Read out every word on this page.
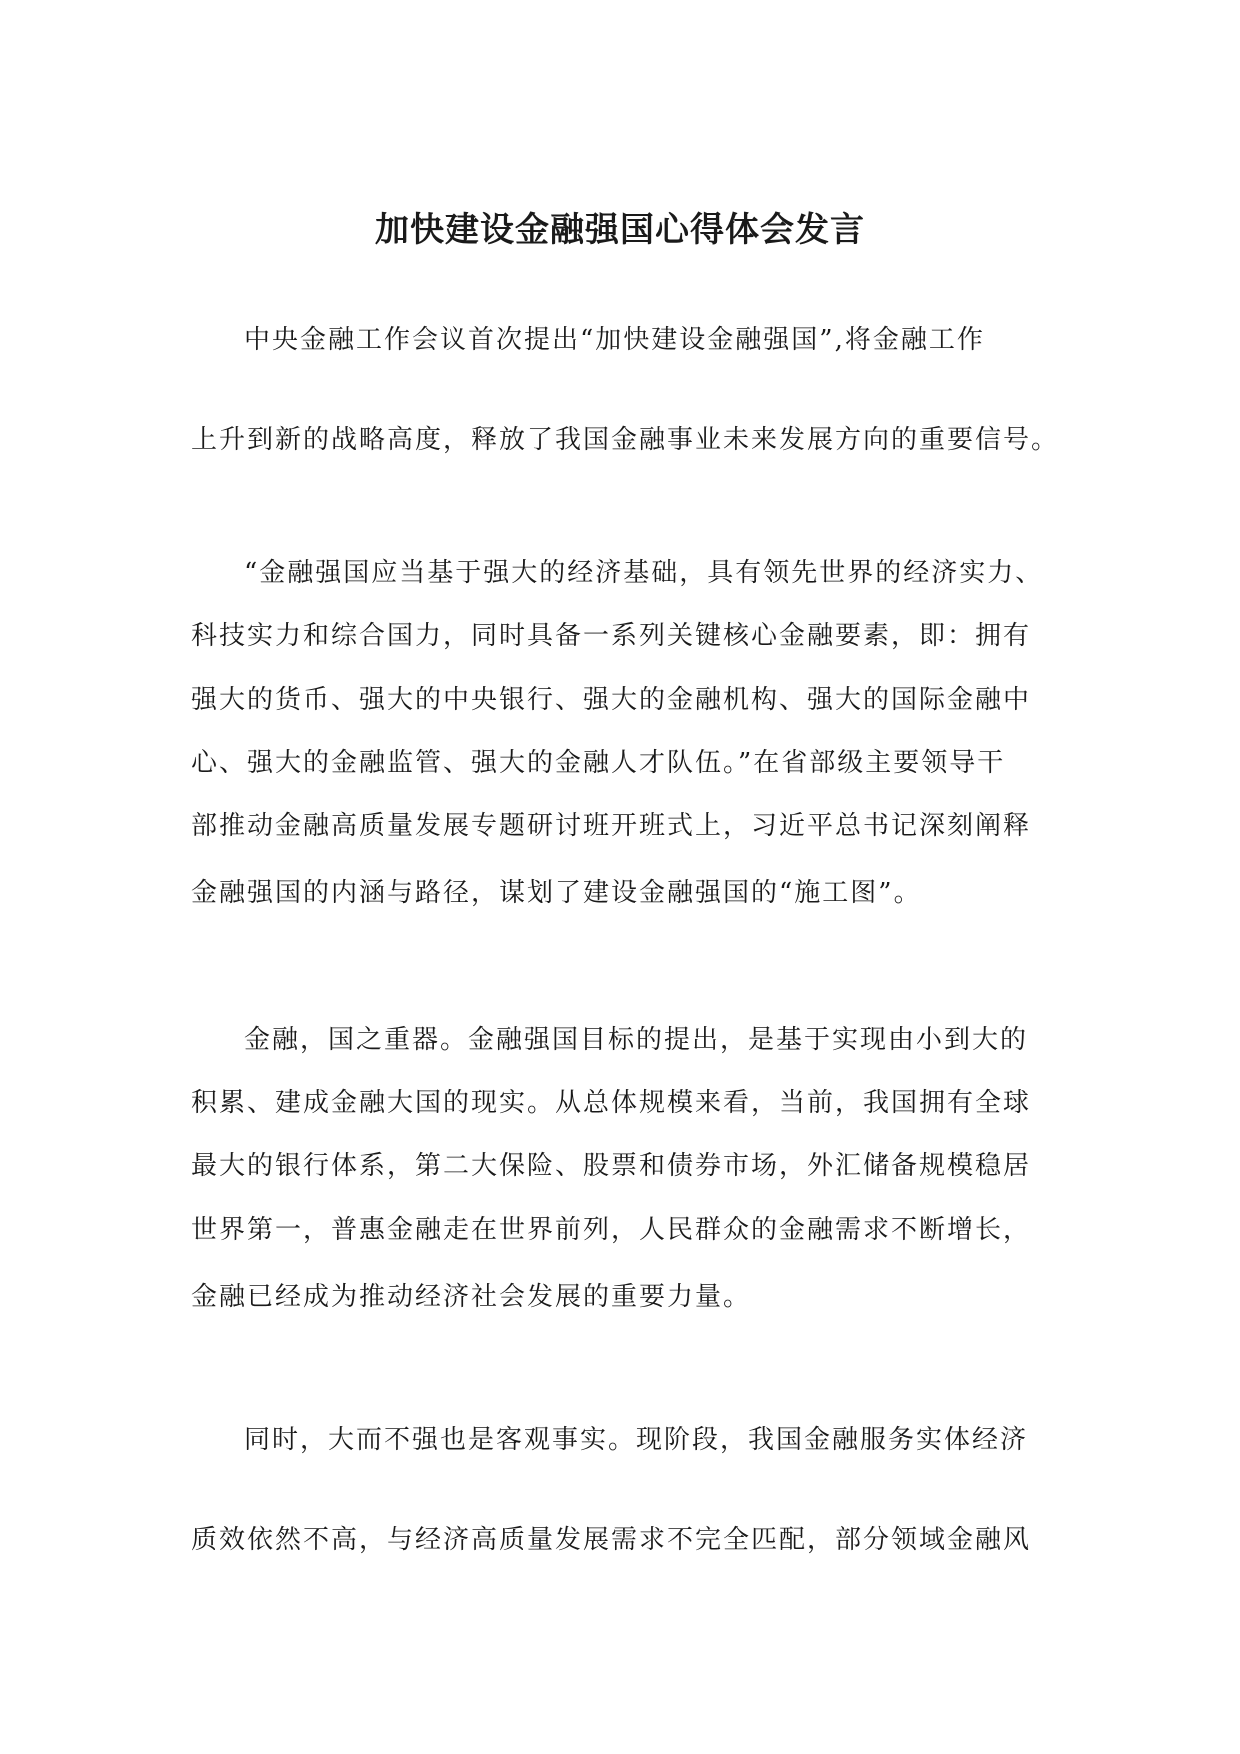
加快建设金融强国心得体会发言
中央金融工作会议首次提出“加快建设金融强国”,将金融工作
上升到新的战略高度，释放了我国金融事业未来发展方向的重要信号。
“金融强国应当基于强大的经济基础，具有领先世界的经济实力、
科技实力和综合国力，同时具备一系列关键核心金融要素，即：拥有
强大的货币、强大的中央银行、强大的金融机构、强大的国际金融中
心、强大的金融监管、强大的金融人才队伍。”在省部级主要领导干
部推动金融高质量发展专题研讨班开班式上，习近平总书记深刻阐释
金融强国的内涵与路径，谋划了建设金融强国的“施工图”。
金融，国之重器。金融强国目标的提出，是基于实现由小到大的
积累、建成金融大国的现实。从总体规模来看，当前，我国拥有全球
最大的银行体系，第二大保险、股票和债券市场，外汇储备规模稳居
世界第一，普惠金融走在世界前列，人民群众的金融需求不断增长，
金融已经成为推动经济社会发展的重要力量。
同时，大而不强也是客观事实。现阶段，我国金融服务实体经济
质效依然不高，与经济高质量发展需求不完全匹配，部分领域金融风
